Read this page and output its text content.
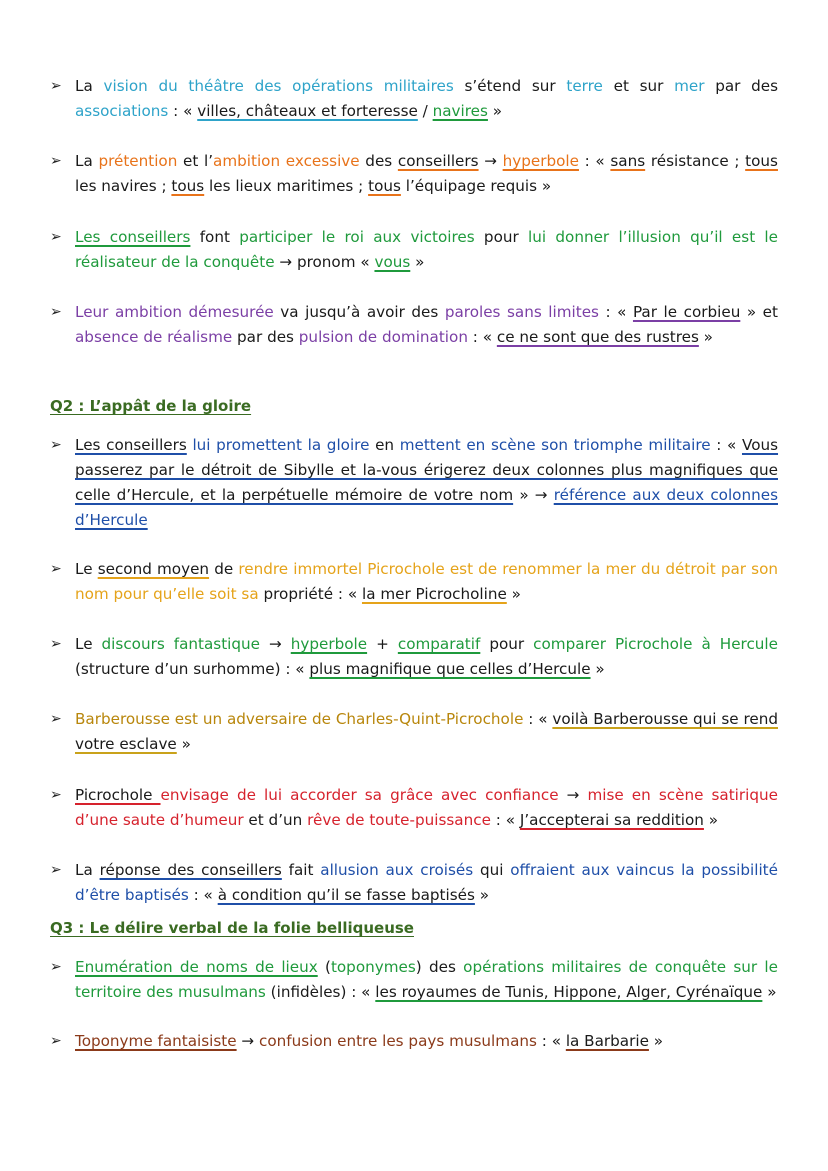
➢ La vision du théâtre des opérations militaires s’étend sur terre et sur mer par des associations : « villes, châteaux et forteresse / navires »
➢ La prétention et l’ambition excessive des conseillers → hyperbole : « sans résistance ; tous les navires ; tous les lieux maritimes ; tous l’équipage requis »
➢ Les conseillers font participer le roi aux victoires pour lui donner l’illusion qu’il est le réalisateur de la conquête → pronom « vous »
➢ Leur ambition démesurée va jusqu’à avoir des paroles sans limites : « Par le corbieu » et absence de réalisme par des pulsion de domination : « ce ne sont que des rustres »
Q2 : L’appât de la gloire
➢ Les conseillers lui promettent la gloire en mettent en scène son triomphe militaire : « Vous passerez par le détroit de Sibylle et la-vous érigerez deux colonnes plus magnifiques que celle d’Hercule, et la perpétuelle mémoire de votre nom » → référence aux deux colonnes d’Hercule
➢ Le second moyen de rendre immortel Picrochole est de renommer la mer du détroit par son nom pour qu’elle soit sa propriété : « la mer Picrocholine »
➢ Le discours fantastique → hyperbole + comparatif pour comparer Picrochole à Hercule (structure d’un surhomme) : « plus magnifique que celles d’Hercule »
➢ Barberousse est un adversaire de Charles-Quint-Picrochole : « voilà Barberousse qui se rend votre esclave »
➢ Picrochole envisage de lui accorder sa grâce avec confiance → mise en scène satirique d’une saute d’humeur et d’un rêve de toute-puissance : « J’accepterai sa reddition »
➢ La réponse des conseillers fait allusion aux croisés qui offraient aux vaincus la possibilité d’être baptisés : « à condition qu’il se fasse baptisés »
Q3 : Le délire verbal de la folie belliqueuse
➢ Enumération de noms de lieux (toponymes) des opérations militaires de conquête sur le territoire des musulmans (infidèles) : « les royaumes de Tunis, Hippone, Alger, Cyrénaïque »
➢ Toponyme fantaisiste → confusion entre les pays musulmans : « la Barbarie »
